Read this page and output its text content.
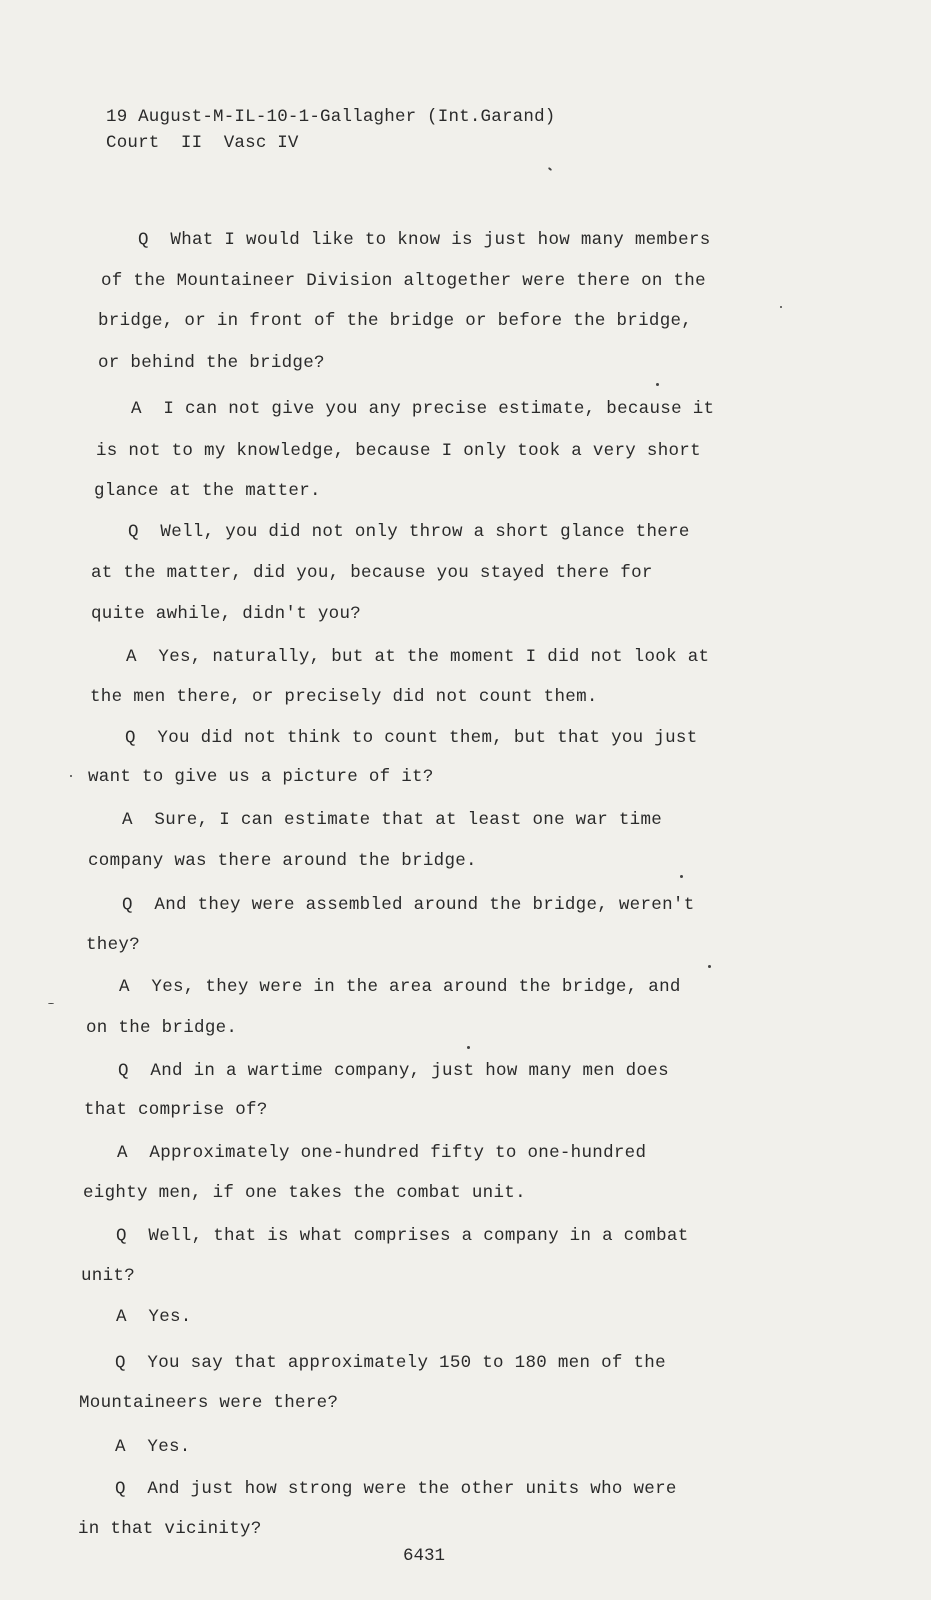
19 August-M-IL-10-1-Gallagher (Int.Garand)
Court  II  Vasc IV
Q  What I would like to know is just how many members
of the Mountaineer Division altogether were there on the
bridge, or in front of the bridge or before the bridge,
or behind the bridge?
A  I can not give you any precise estimate, because it
is not to my knowledge, because I only took a very short
glance at the matter.
Q  Well, you did not only throw a short glance there
at the matter, did you, because you stayed there for
quite awhile, didn't you?
A  Yes, naturally, but at the moment I did not look at
the men there, or precisely did not count them.
Q  You did not think to count them, but that you just
want to give us a picture of it?
A  Sure, I can estimate that at least one war time
company was there around the bridge.
Q  And they were assembled around the bridge, weren't
they?
A  Yes, they were in the area around the bridge, and
on the bridge.
Q  And in a wartime company, just how many men does
that comprise of?
A  Approximately one-hundred fifty to one-hundred
eighty men, if one takes the combat unit.
Q  Well, that is what comprises a company in a combat
unit?
A  Yes.
Q  You say that approximately 150 to 180 men of the
Mountaineers were there?
A  Yes.
Q  And just how strong were the other units who were
in that vicinity?
6431
